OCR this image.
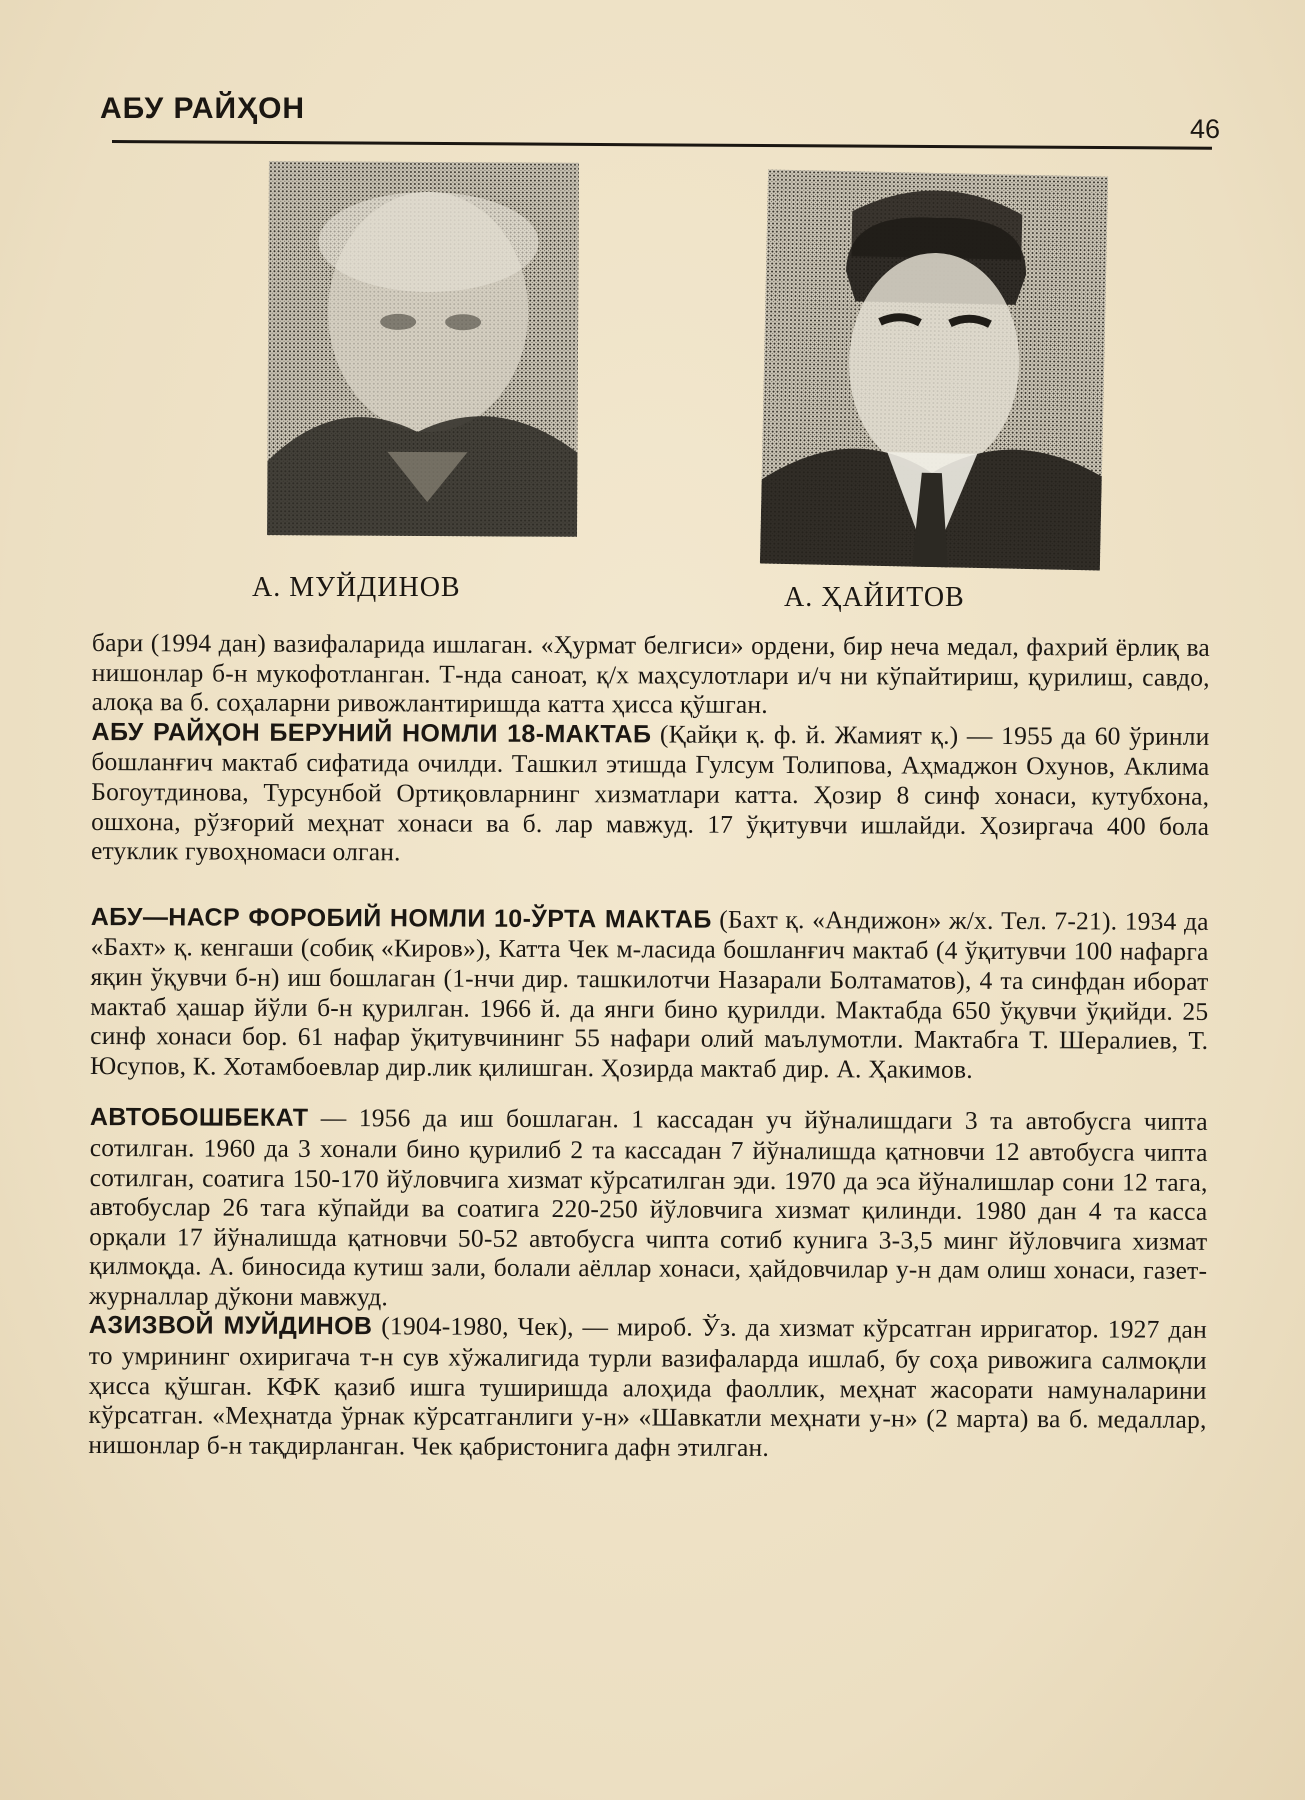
АБУ РАЙҲОН
46
А. МУЙДИНОВ	А. ҲАЙИТОВ

бари (1994 дан) вазифаларида ишлаган. «Ҳурмат белгиси» ордени, бир неча медал, фахрий ёрлиқ ва нишонлар б-н мукофотланган. Т-нда саноат, қ/х маҳсулотлари и/ч ни кўпайтириш, қурилиш, савдо, алоқа ва б. соҳаларни ривожлантиришда катта ҳисса қўшган.

АБУ РАЙҲОН БЕРУНИЙ НОМЛИ 18-МАКТАБ (Қайқи қ. ф. й. Жамият қ.) — 1955 да 60 ўринли бошланғич мактаб сифатида очилди. Ташкил этишда Гулсум Толипова, Аҳмаджон Охунов, Аклима Богоутдинова, Турсунбой Ортиқовларнинг хизматлари катта. Ҳозир 8 синф хонаси, кутубхона, ошхона, рўзғорий меҳнат хонаси ва б. лар мавжуд. 17 ўқитувчи ишлайди. Ҳозиргача 400 бола етуклик гувоҳномаси олган.

АБУ—НАСР ФОРОБИЙ НОМЛИ 10-ЎРТА МАКТАБ (Бахт қ. «Андижон» ж/х. Тел. 7-21). 1934 да «Бахт» қ. кенгаши (собиқ «Киров»), Катта Чек м-ласида бошланғич мактаб (4 ўқитувчи 100 нафарга яқин ўқувчи б-н) иш бошлаган (1-нчи дир. ташкилотчи Назарали Болтаматов), 4 та синфдан иборат мактаб ҳашар йўли б-н қурилган. 1966 й. да янги бино қурилди. Мактабда 650 ўқувчи ўқийди. 25 синф хонаси бор. 61 нафар ўқитувчининг 55 нафари олий маълумотли. Мактабга Т. Шералиев, Т. Юсупов, К. Хотамбоевлар дир.лик қилишган. Ҳозирда мактаб дир. А. Ҳакимов.

АВТОБОШБЕКАТ — 1956 да иш бошлаган. 1 кассадан уч йўналишдаги 3 та автобусга чипта сотилган. 1960 да 3 хонали бино қурилиб 2 та кассадан 7 йўналишда қатновчи 12 автобусга чипта сотилган, соатига 150-170 йўловчига хизмат кўрсатилган эди. 1970 да эса йўналишлар сони 12 тага, автобуслар 26 тага кўпайди ва соатига 220-250 йўловчига хизмат қилинди. 1980 дан 4 та касса орқали 17 йўналишда қатновчи 50-52 автобусга чипта сотиб кунига 3-3,5 минг йўловчига хизмат қилмоқда. А. биносида кутиш зали, болали аёллар хонаси, ҳайдовчилар у-н дам олиш хонаси, газет-журналлар дўкони мавжуд.

АЗИЗВОЙ МУЙДИНОВ (1904-1980, Чек), — мироб. Ўз. да хизмат кўрсатган ирригатор. 1927 дан то умрининг охиригача т-н сув хўжалигида турли вазифаларда ишлаб, бу соҳа ривожига салмоқли ҳисса қўшган. КФК қазиб ишга туширишда алоҳида фаоллик, меҳнат жасорати намуналарини кўрсатган. «Меҳнатда ўрнак кўрсатганлиги у-н» «Шавкатли меҳнати у-н» (2 марта) ва б. медаллар, нишонлар б-н тақдирланган. Чек қабристонига дафн этилган.
